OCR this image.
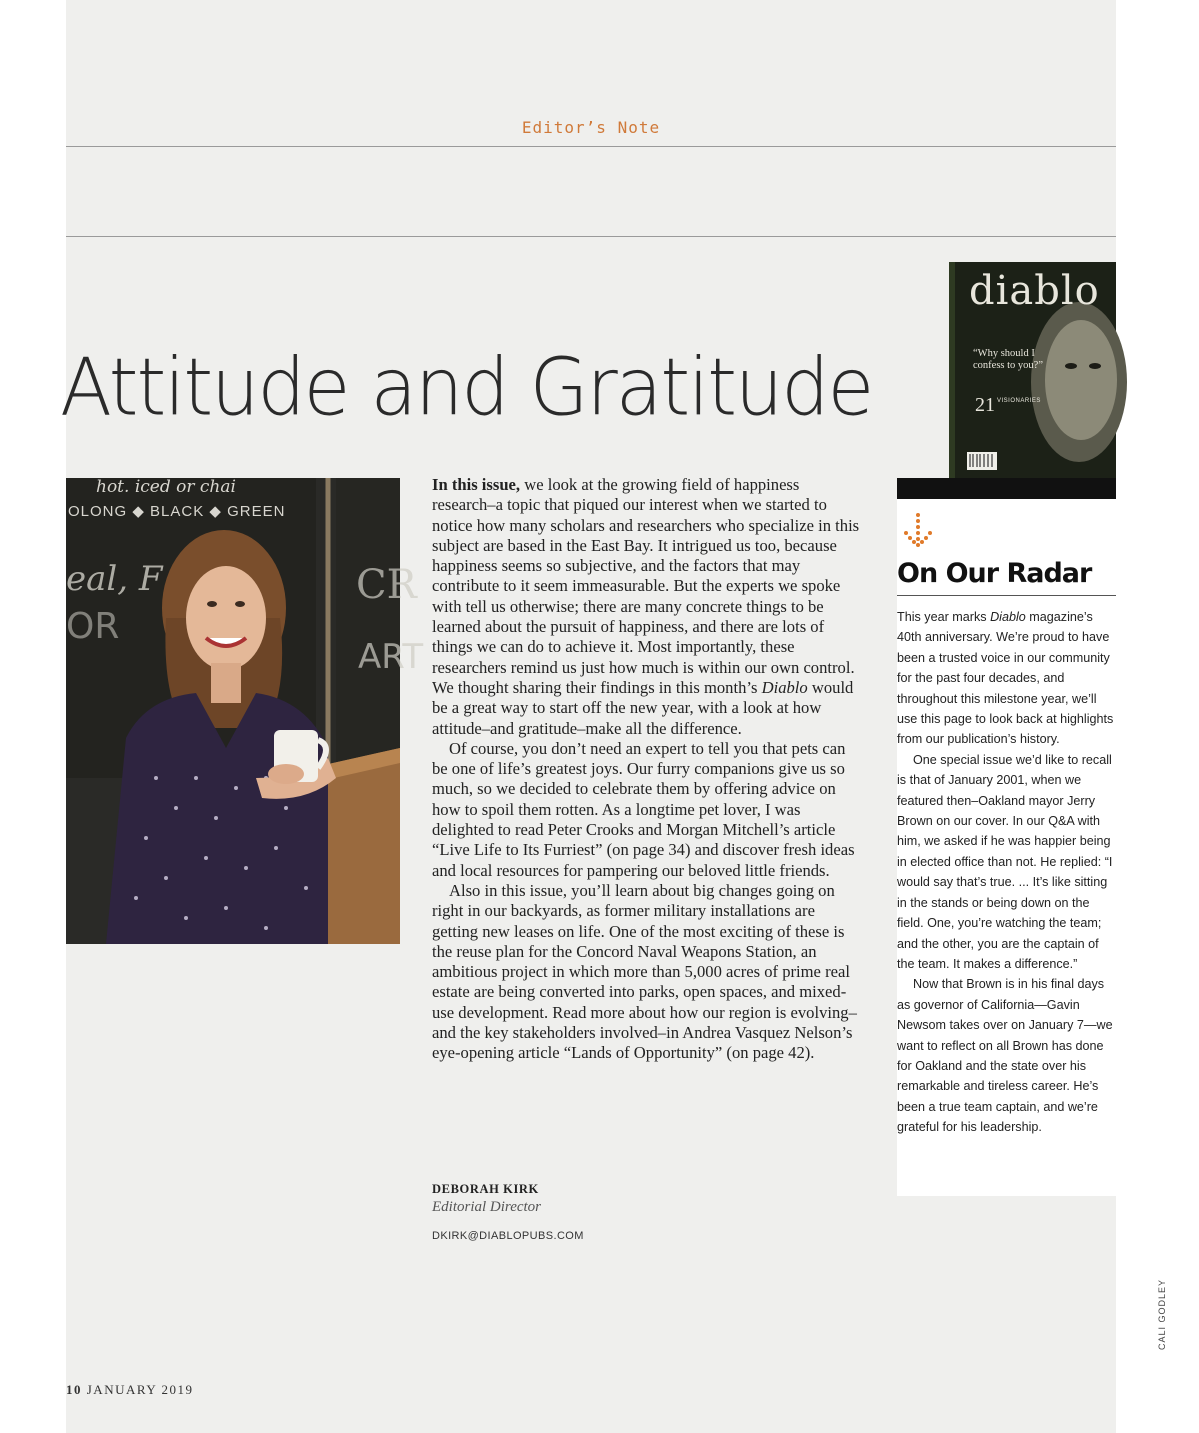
Editor’s Note
Attitude and Gratitude
hot. iced or chai
OLONG ◆ BLACK ◆ GREEN
eal, F
OR
CR
ART

In this issue, we look at the growing field of happiness research–a topic that piqued our interest when we started to notice how many scholars and researchers who specialize in this subject are based in the East Bay. It intrigued us too, because happiness seems so subjective, and the factors that may contribute to it seem immeasurable. But the experts we spoke with tell us otherwise; there are many concrete things to be learned about the pursuit of happiness, and there are lots of things we can do to achieve it. Most importantly, these researchers remind us just how much is within our own control. We thought sharing their findings in this month’s Diablo would be a great way to start off the new year, with a look at how attitude–and gratitude–make all the difference.

Of course, you don’t need an expert to tell you that pets can be one of life’s greatest joys. Our furry companions give us so much, so we decided to celebrate them by offering advice on how to spoil them rotten. As a longtime pet lover, I was delighted to read Peter Crooks and Morgan Mitchell’s article “Live Life to Its Furriest” (on page 34) and discover fresh ideas and local resources for pampering our beloved little friends.

Also in this issue, you’ll learn about big changes going on right in our backyards, as former military installations are getting new leases on life. One of the most exciting of these is the reuse plan for the Concord Naval Weapons Station, an ambitious project in which more than 5,000 acres of prime real estate are being converted into parks, open spaces, and mixed-use development. Read more about how our region is evolving–and the key stakeholders involved–in Andrea Vasquez Nelson’s eye-opening article “Lands of Opportunity” (on page 42).

DEBORAH KIRK
Editorial Director
DKIRK@DIABLOPUBS.COM
diablo
“Why should I confess to you?”
21 VISIONARIES
On Our Radar

This year marks Diablo magazine’s 40th anniversary. We’re proud to have been a trusted voice in our community for the past four decades, and throughout this milestone year, we’ll use this page to look back at highlights from our publication’s history.

One special issue we’d like to recall is that of January 2001, when we featured then–Oakland mayor Jerry Brown on our cover. In our Q&A with him, we asked if he was happier being in elected office than not. He replied: “I would say that’s true. ... It’s like sitting in the stands or being down on the field. One, you’re watching the team; and the other, you are the captain of the team. It makes a difference.”

Now that Brown is in his final days as governor of California—Gavin Newsom takes over on January 7—we want to reflect on all Brown has done for Oakland and the state over his remarkable and tireless career. He’s been a true team captain, and we’re grateful for his leadership.

CALI GODLEY
10 JANUARY 2019
